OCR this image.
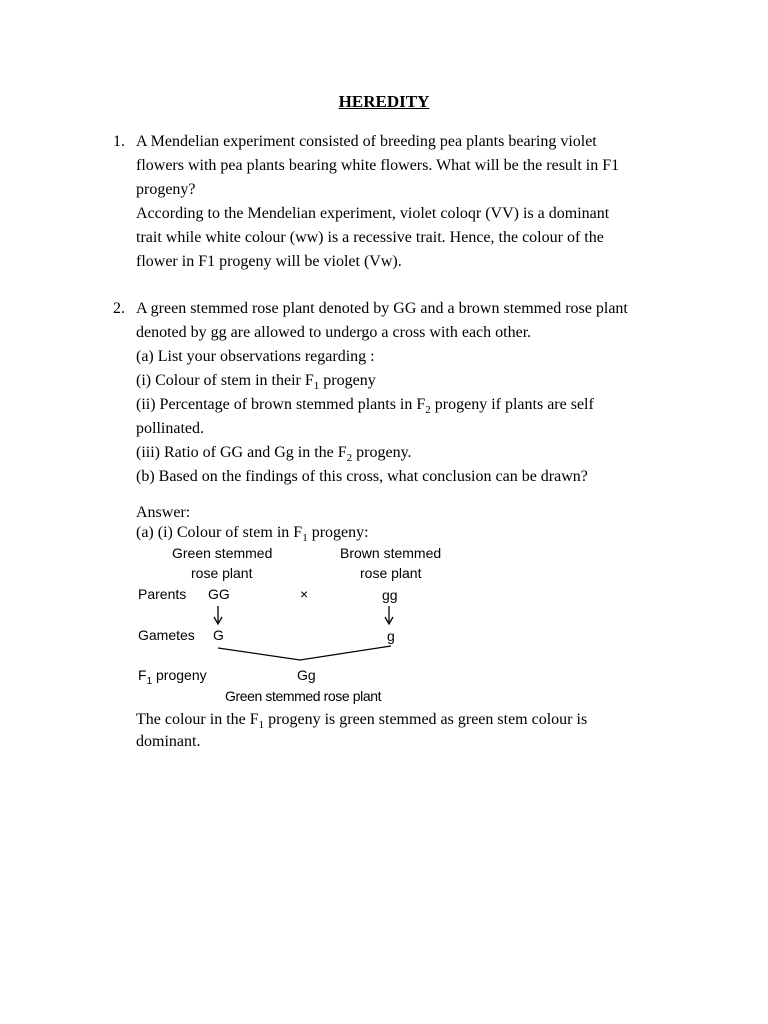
HEREDITY
1. A Mendelian experiment consisted of breeding pea plants bearing violet
flowers with pea plants bearing white flowers. What will be the result in F1
progeny?
According to the Mendelian experiment, violet coloqr (VV) is a dominant
trait while white colour (ww) is a recessive trait. Hence, the colour of the
flower in F1 progeny will be violet (Vw).
2. A green stemmed rose plant denoted by GG and a brown stemmed rose plant
denoted by gg are allowed to undergo a cross with each other.
(a) List your observations regarding :
(i) Colour of stem in their $F_1$ progeny
(ii) Percentage of brown stemmed plants in $F_2$ progeny if plants are self
pollinated.
(iii) Ratio of GG and Gg in the $F_2$ progeny.
(b) Based on the findings of this cross, what conclusion can be drawn?
Answer:
(a) (i) Colour of stem in $F_1$ progeny:
Green stemmed
rose plant
Brown stemmed
rose plant
Parents GG	×	gg
Gametes G	g
$F_1$ progeny	Gg
Green stemmed rose plant
The colour in the $F_1$ progeny is green stemmed as green stem colour is
dominant.
